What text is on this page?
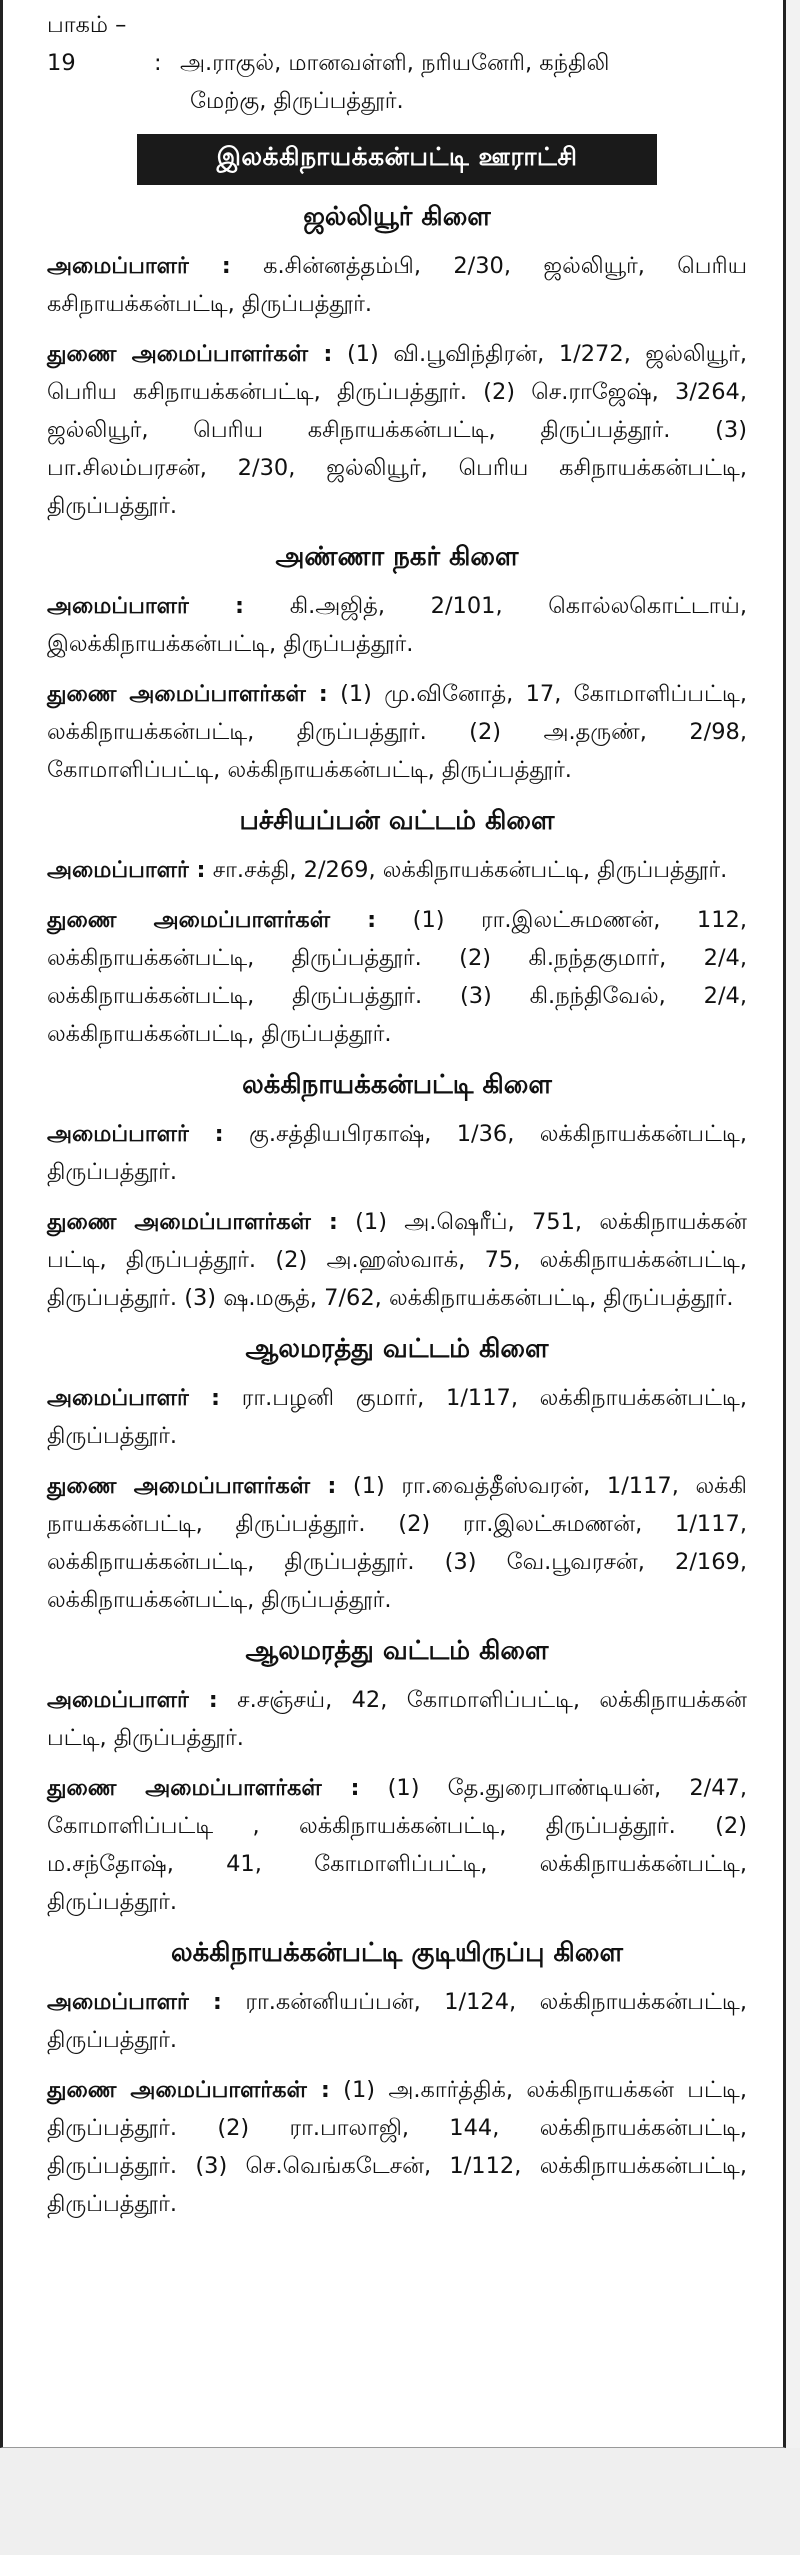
பாகம் – 19	: அ.ராகுல், மானவள்ளி, நரியனேரி, கந்திலி
மேற்கு, திருப்பத்தூர்.
இலக்கிநாயக்கன்பட்டி ஊராட்சி
ஜல்லியூர் கிளை

அமைப்பாளர் : க.சின்னத்தம்பி, 2/30, ஜல்லியூர், பெரிய கசிநாயக்கன்பட்டி, திருப்பத்தூர்.

துணை அமைப்பாளர்கள் : (1) வி.பூவிந்திரன், 1/272, ஜல்லியூர், பெரிய கசிநாயக்கன்பட்டி, திருப்பத்தூர். (2) செ.ராஜேஷ், 3/264, ஜல்லியூர், பெரிய கசிநாயக்கன்பட்டி, திருப்பத்தூர். (3) பா.சிலம்பரசன், 2/30, ஜல்லியூர், பெரிய கசிநாயக்கன்பட்டி, திருப்பத்தூர்.

அண்ணா நகர் கிளை

அமைப்பாளர் : கி.அஜித், 2/101, கொல்லகொட்டாய், இலக்கிநாயக்கன்பட்டி, திருப்பத்தூர்.

துணை அமைப்பாளர்கள் : (1) மு.வினோத், 17, கோமாளிப்பட்டி, லக்கிநாயக்கன்பட்டி, திருப்பத்தூர். (2) அ.தருண், 2/98, கோமாளிப்பட்டி, லக்கிநாயக்கன்பட்டி, திருப்பத்தூர்.

பச்சியப்பன் வட்டம் கிளை

அமைப்பாளர் : சா.சக்தி, 2/269, லக்கிநாயக்கன்பட்டி, திருப்பத்தூர்.

துணை அமைப்பாளர்கள் : (1) ரா.இலட்சுமணன், 112, லக்கிநாயக்கன்பட்டி, திருப்பத்தூர். (2) கி.நந்தகுமார், 2/4, லக்கிநாயக்கன்பட்டி, திருப்பத்தூர். (3) கி.நந்திவேல், 2/4, லக்கிநாயக்கன்பட்டி, திருப்பத்தூர்.

லக்கிநாயக்கன்பட்டி கிளை

அமைப்பாளர் : கு.சத்தியபிரகாஷ், 1/36, லக்கிநாயக்கன்பட்டி, திருப்பத்தூர்.

துணை அமைப்பாளர்கள் : (1) அ.ஷெரீப், 751, லக்கிநாயக்கன் பட்டி, திருப்பத்தூர். (2) அ.ஹஸ்வாக், 75, லக்கிநாயக்கன்பட்டி, திருப்பத்தூர். (3) ஷ.மசூத், 7/62, லக்கிநாயக்கன்பட்டி, திருப்பத்தூர்.

ஆலமரத்து வட்டம் கிளை

அமைப்பாளர் : ரா.பழனி குமார், 1/117, லக்கிநாயக்கன்பட்டி, திருப்பத்தூர்.

துணை அமைப்பாளர்கள் : (1) ரா.வைத்தீஸ்வரன், 1/117, லக்கி நாயக்கன்பட்டி, திருப்பத்தூர். (2) ரா.இலட்சுமணன், 1/117, லக்கிநாயக்கன்பட்டி, திருப்பத்தூர். (3) வே.பூவரசன், 2/169, லக்கிநாயக்கன்பட்டி, திருப்பத்தூர்.

ஆலமரத்து வட்டம் கிளை

அமைப்பாளர் : ச.சஞ்சய், 42, கோமாளிப்பட்டி, லக்கிநாயக்கன் பட்டி, திருப்பத்தூர்.

துணை அமைப்பாளர்கள் : (1) தே.துரைபாண்டியன், 2/47, கோமாளிப்பட்டி , லக்கிநாயக்கன்பட்டி, திருப்பத்தூர். (2) ம.சந்தோஷ், 41, கோமாளிப்பட்டி, லக்கிநாயக்கன்பட்டி, திருப்பத்தூர்.

லக்கிநாயக்கன்பட்டி குடியிருப்பு கிளை

அமைப்பாளர் : ரா.கன்னியப்பன், 1/124, லக்கிநாயக்கன்பட்டி, திருப்பத்தூர்.

துணை அமைப்பாளர்கள் : (1) அ.கார்த்திக், லக்கிநாயக்கன் பட்டி, திருப்பத்தூர். (2) ரா.பாலாஜி, 144, லக்கிநாயக்கன்பட்டி, திருப்பத்தூர். (3) செ.வெங்கடேசன், 1/112, லக்கிநாயக்கன்பட்டி, திருப்பத்தூர்.
